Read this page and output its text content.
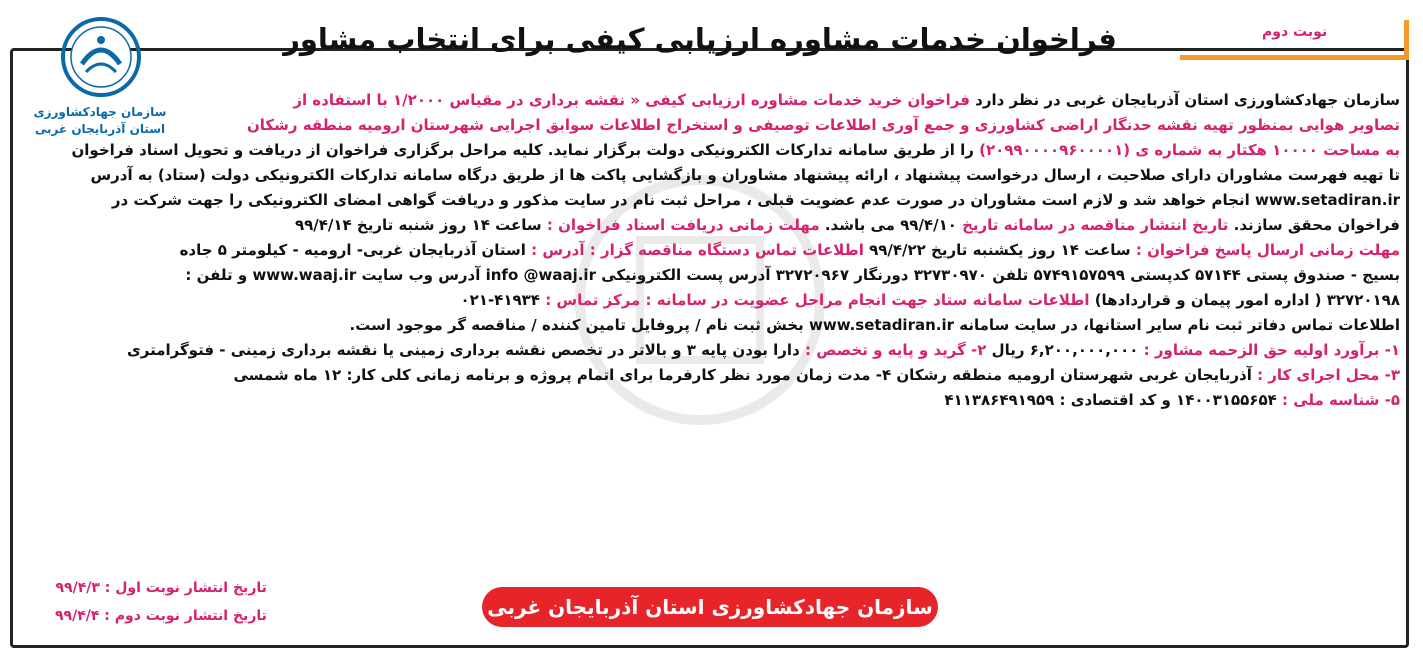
نوبت دوم
فراخوان خدمات مشاوره ارزیابی کیفی برای انتخاب مشاور
سازمان جهادکشاورزی
استان آذربایجان غربی
سازمان جهادکشاورزی استان آذربایجان غربی در نظر دارد فراخوان خرید خدمات مشاوره ارزیابی کیفی « نقشه برداری در مقیاس ۱/۲۰۰۰ با استفاده از
تصاویر هوایی بمنظور تهیه نقشه حدنگار اراضی کشاورزی و جمع آوری اطلاعات توصیفی و استخراج اطلاعات سوابق اجرایی شهرستان ارومیه منطقه رشکان
به مساحت ۱۰۰۰۰ هکتار به شماره ی (۲۰۹۹۰۰۰۰۹۶۰۰۰۰۱) را از طریق سامانه تدارکات الکترونیکی دولت برگزار نماید. کلیه مراحل برگزاری فراخوان از دریافت و تحویل اسناد فراخوان
تا تهیه فهرست مشاوران دارای صلاحیت ، ارسال درخواست پیشنهاد ، ارائه پیشنهاد مشاوران و بازگشایی پاکت ها از طریق درگاه سامانه تدارکات الکترونیکی دولت (ستاد) به آدرس
www.setadiran.ir انجام خواهد شد و لازم است مشاوران در صورت عدم عضویت قبلی ، مراحل ثبت نام در سایت مذکور و دریافت گواهی امضای الکترونیکی را جهت شرکت در
فراخوان محقق سازند. تاریخ انتشار مناقصه در سامانه تاریخ ۹۹/۴/۱۰ می باشد. مهلت زمانی دریافت اسناد فراخوان : ساعت ۱۴ روز شنبه تاریخ ۹۹/۴/۱۴
مهلت زمانی ارسال پاسخ فراخوان : ساعت ۱۴ روز یکشنبه تاریخ ۹۹/۴/۲۲ اطلاعات تماس دستگاه مناقصه گزار : آدرس : استان آذربایجان غربی- ارومیه - کیلومتر ۵ جاده
بسیج - صندوق پستی ۵۷۱۴۴ کدپستی ۵۷۴۹۱۵۷۵۹۹ تلفن ۳۲۷۳۰۹۷۰ دورنگار ۳۲۷۲۰۹۶۷ آدرس پست الکترونیکی info @waaj.ir آدرس وب سایت www.waaj.ir و تلفن :
۳۲۷۲۰۱۹۸ ( اداره امور پیمان و قراردادها) اطلاعات سامانه ستاد جهت انجام مراحل عضویت در سامانه : مرکز تماس : ۴۱۹۳۴-۰۲۱
اطلاعات تماس دفاتر ثبت نام سایر استانها، در سایت سامانه www.setadiran.ir بخش ثبت نام / پروفایل تامین کننده / مناقصه گر موجود است.
۱- برآورد اولیه حق الزحمه مشاور : ۶,۲۰۰,۰۰۰,۰۰۰ ریال ۲- گرید و پایه و تخصص : دارا بودن پایه ۳ و بالاتر در تخصص نقشه برداری زمینی یا نقشه برداری زمینی - فتوگرامتری
۳- محل اجرای کار : آذربایجان غربی شهرستان ارومیه منطقه رشکان ۴- مدت زمان مورد نظر کارفرما برای اتمام پروژه و برنامه زمانی کلی کار: ۱۲ ماه شمسی
۵- شناسه ملی : ۱۴۰۰۳۱۵۵۶۵۴ و کد اقتصادی : ۴۱۱۳۸۶۴۹۱۹۵۹
تاریخ انتشار نوبت اول : ۹۹/۴/۳
تاریخ انتشار نوبت دوم : ۹۹/۴/۴	سازمان جهادکشاورزی استان آذربایجان غربی
